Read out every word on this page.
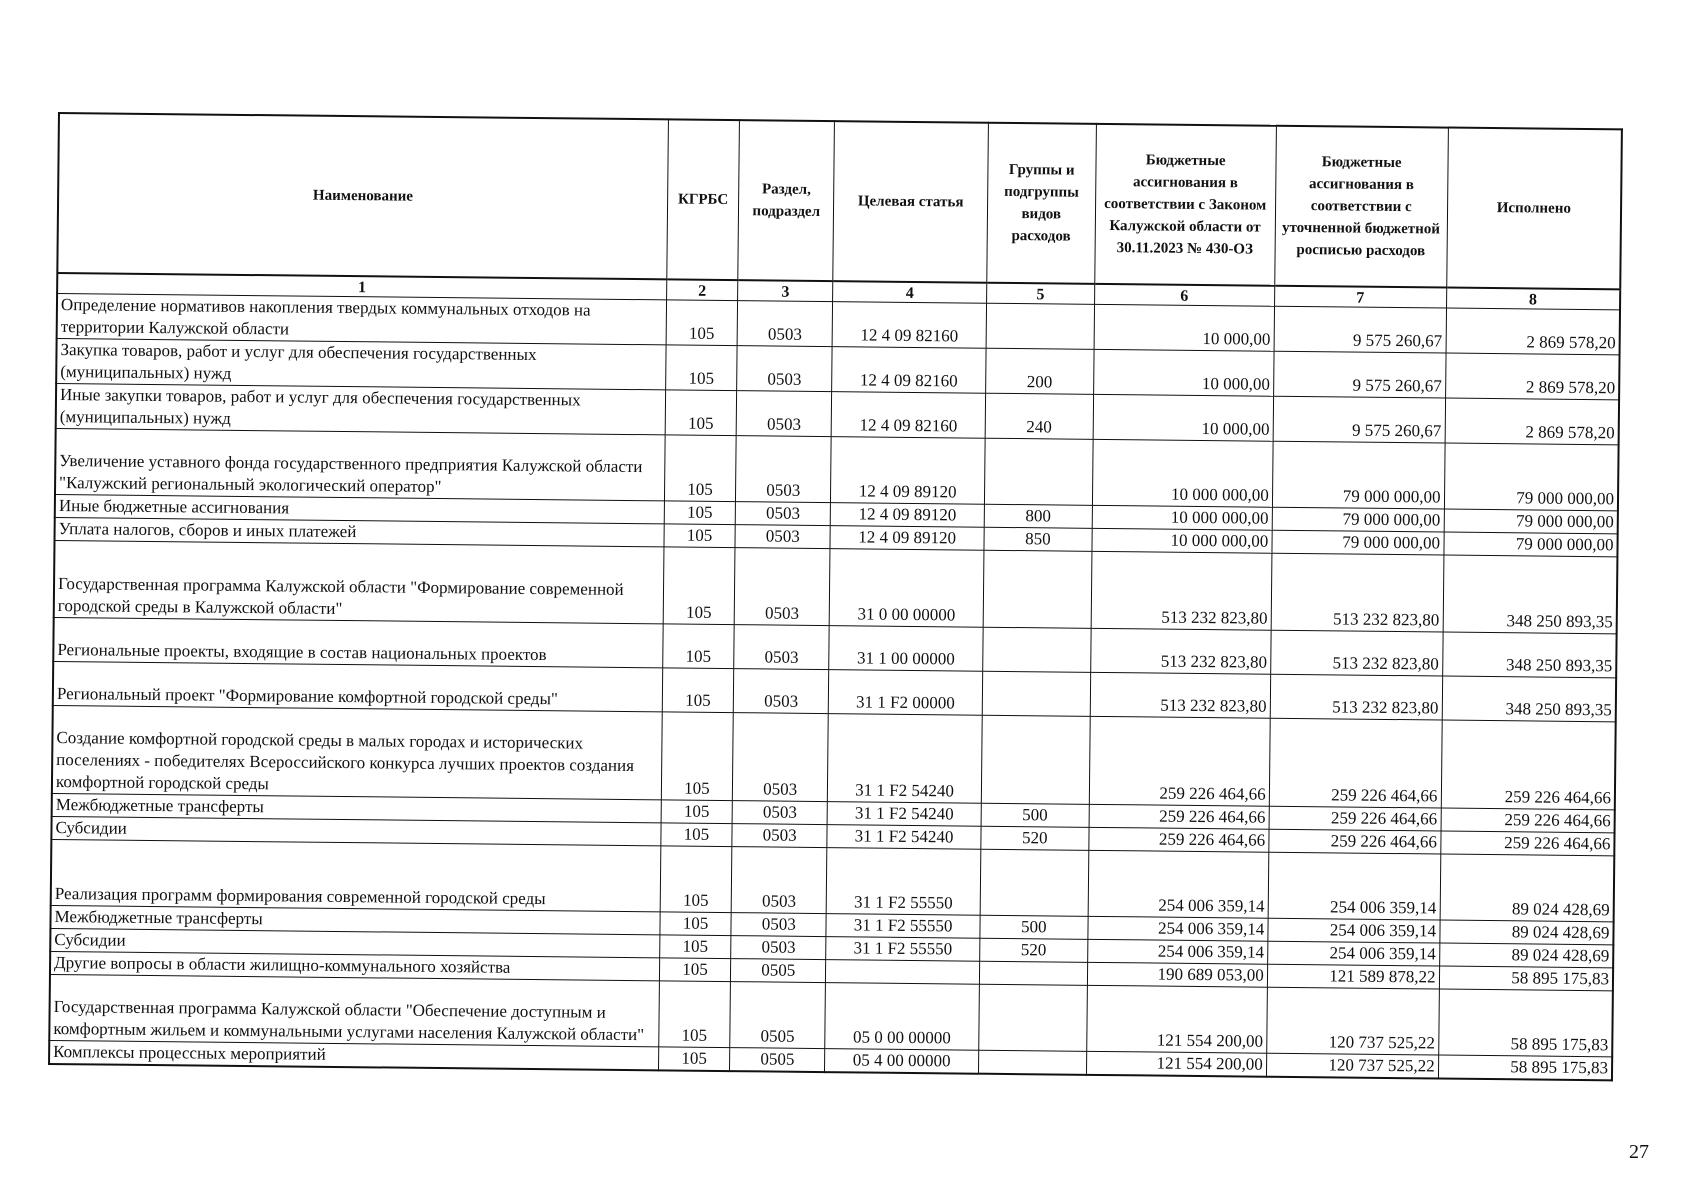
Наименование	КГРБС	Раздел, подраздел	Целевая статья	Группы и подгруппы видов расходов	Бюджетные ассигнования в соответствии с Законом Калужской области от 30.11.2023 № 430-ОЗ	Бюджетные ассигнования в соответствии с уточненной бюджетной росписью расходов	Исполнено
1	2	3	4	5	6	7	8
Определение нормативов накопления твердых коммунальных отходов на территории Калужской области	105	0503	12 4 09 82160		10 000,00	9 575 260,67	2 869 578,20
Закупка товаров, работ и услуг для обеспечения государственных (муниципальных) нужд	105	0503	12 4 09 82160	200	10 000,00	9 575 260,67	2 869 578,20
Иные закупки товаров, работ и услуг для обеспечения государственных (муниципальных) нужд	105	0503	12 4 09 82160	240	10 000,00	9 575 260,67	2 869 578,20
Увеличение уставного фонда государственного предприятия Калужской области "Калужский региональный экологический оператор"	105	0503	12 4 09 89120		10 000 000,00	79 000 000,00	79 000 000,00
Иные бюджетные ассигнования	105	0503	12 4 09 89120	800	10 000 000,00	79 000 000,00	79 000 000,00
Уплата налогов, сборов и иных платежей	105	0503	12 4 09 89120	850	10 000 000,00	79 000 000,00	79 000 000,00
Государственная программа Калужской области "Формирование современной городской среды в Калужской области"	105	0503	31 0 00 00000		513 232 823,80	513 232 823,80	348 250 893,35
Региональные проекты, входящие в состав национальных проектов	105	0503	31 1 00 00000		513 232 823,80	513 232 823,80	348 250 893,35
Региональный проект "Формирование комфортной городской среды"	105	0503	31 1 F2 00000		513 232 823,80	513 232 823,80	348 250 893,35
Создание комфортной городской среды в малых городах и исторических поселениях - победителях Всероссийского конкурса лучших проектов создания комфортной городской среды	105	0503	31 1 F2 54240		259 226 464,66	259 226 464,66	259 226 464,66
Межбюджетные трансферты	105	0503	31 1 F2 54240	500	259 226 464,66	259 226 464,66	259 226 464,66
Субсидии	105	0503	31 1 F2 54240	520	259 226 464,66	259 226 464,66	259 226 464,66
Реализация программ формирования современной городской среды	105	0503	31 1 F2 55550		254 006 359,14	254 006 359,14	89 024 428,69
Межбюджетные трансферты	105	0503	31 1 F2 55550	500	254 006 359,14	254 006 359,14	89 024 428,69
Субсидии	105	0503	31 1 F2 55550	520	254 006 359,14	254 006 359,14	89 024 428,69
Другие вопросы в области жилищно-коммунального хозяйства	105	0505			190 689 053,00	121 589 878,22	58 895 175,83
Государственная программа Калужской области "Обеспечение доступным и комфортным жильем и коммунальными услугами населения Калужской области"	105	0505	05 0 00 00000		121 554 200,00	120 737 525,22	58 895 175,83
Комплексы процессных мероприятий	105	0505	05 4 00 00000		121 554 200,00	120 737 525,22	58 895 175,83
27
